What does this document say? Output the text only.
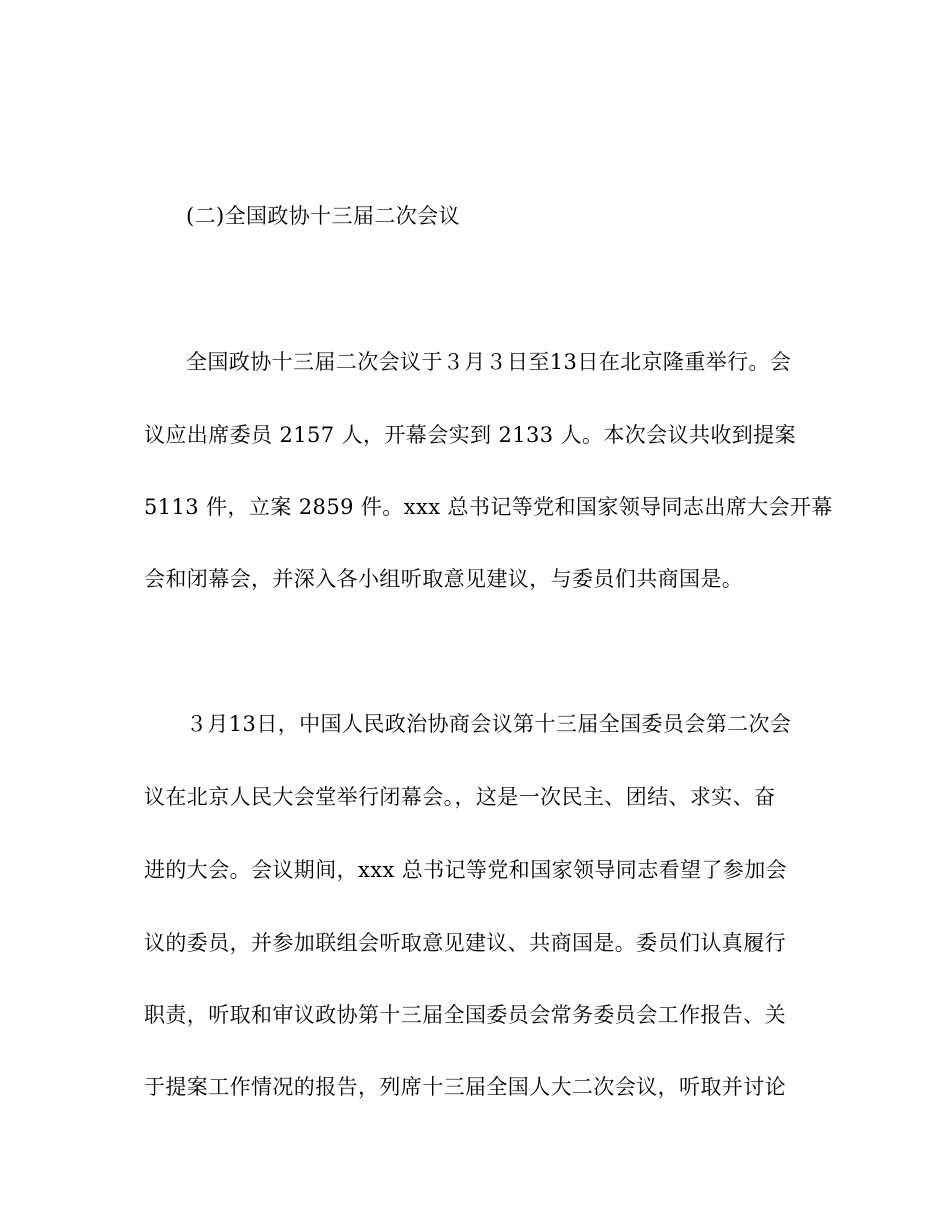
(二)全国政协十三届二次会议
全国政协十三届二次会议于３月３日至13日在北京隆重举行。会
议应出席委员 2157 人，开幕会实到 2133 人。本次会议共收到提案
5113 件，立案 2859 件。xxx 总书记等党和国家领导同志出席大会开幕
会和闭幕会，并深入各小组听取意见建议，与委员们共商国是。
３月13日，中国人民政治协商会议第十三届全国委员会第二次会
议在北京人民大会堂举行闭幕会。，这是一次民主、团结、求实、奋
进的大会。会议期间，xxx 总书记等党和国家领导同志看望了参加会
议的委员，并参加联组会听取意见建议、共商国是。委员们认真履行
职责，听取和审议政协第十三届全国委员会常务委员会工作报告、关
于提案工作情况的报告，列席十三届全国人大二次会议，听取并讨论
